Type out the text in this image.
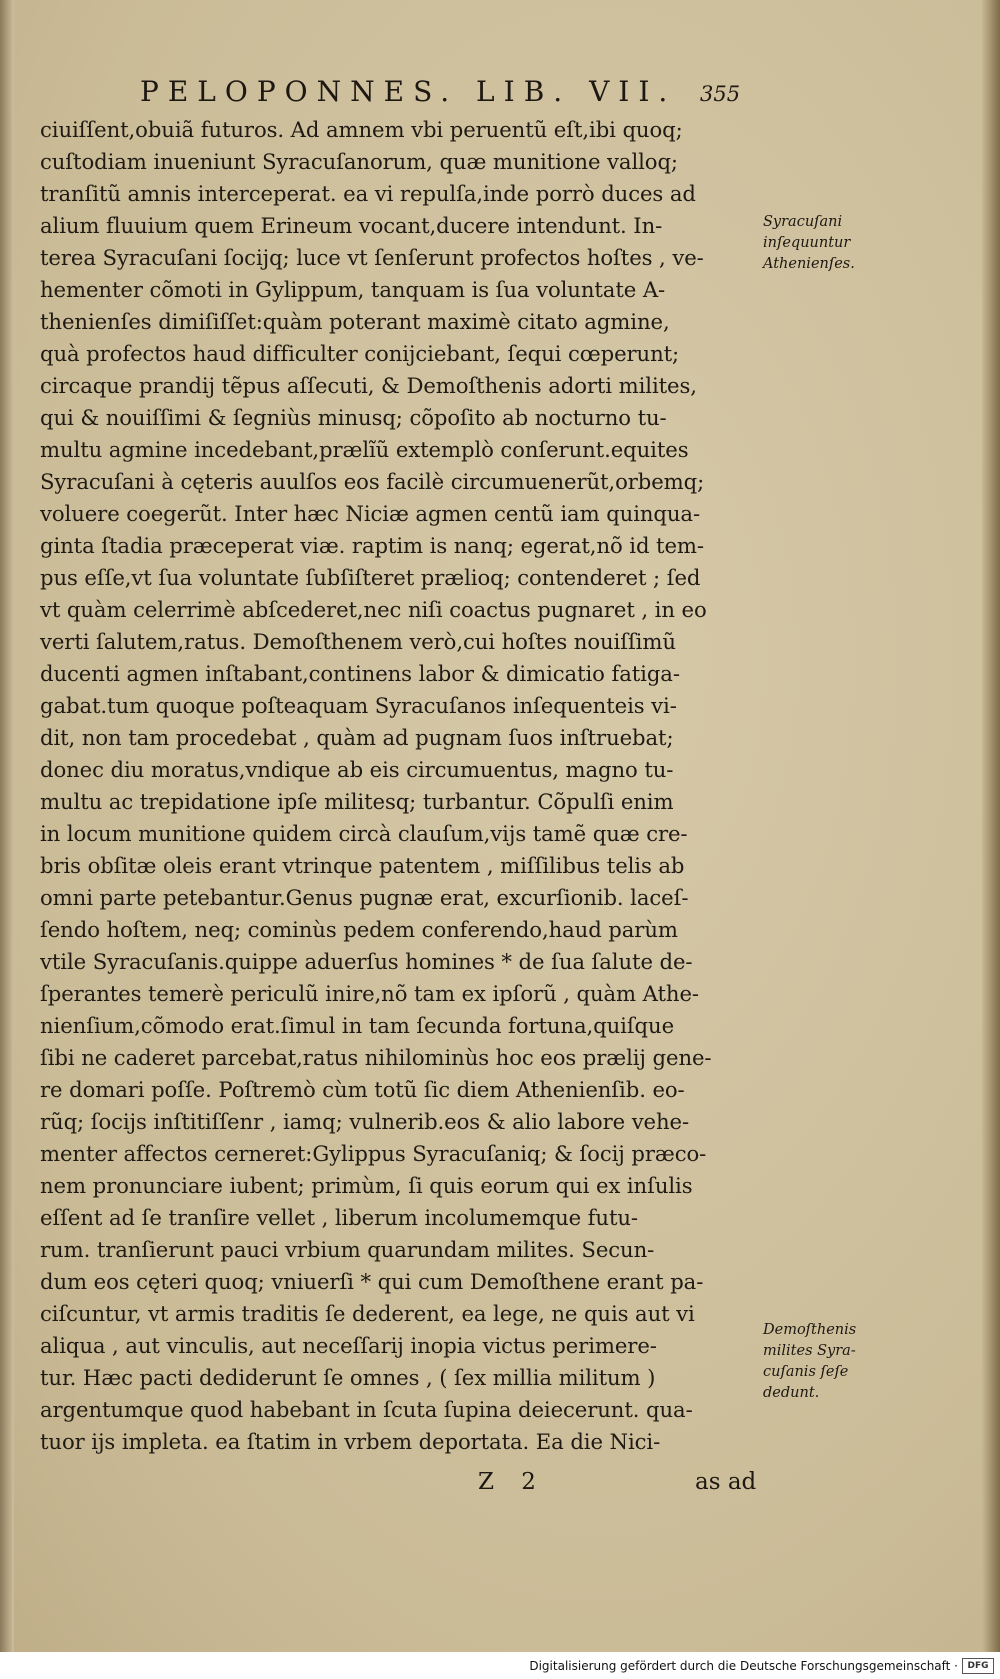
PELOPONNES. LIB. VII.	355
ciuiſſent,obuiã futuros. Ad amnem vbi peruentũ eſt,ibi quoq;
cuſtodiam inueniunt Syracuſanorum, quæ munitione valloq;
tranſitũ amnis interceperat. ea vi repulſa,inde porrò duces ad
alium fluuium quem Erineum vocant,ducere intendunt. In-
terea Syracuſani ſocijq; luce vt ſenſerunt profectos hoſtes , ve-
hementer cõmoti in Gylippum, tanquam is ſua voluntate A-
thenienſes dimiſiſſet:quàm poterant maximè citato agmine,
quà profectos haud difficulter conijciebant, ſequi cœperunt;
circaque prandij tẽpus aſſecuti, & Demoſthenis adorti milites,
qui & nouiſſimi & ſegniùs minusq; cõpoſito ab nocturno tu-
multu agmine incedebant,prælĩũ extemplò conſerunt.equites
Syracuſani à cęteris auulſos eos facilè circumuenerũt,orbemq;
voluere coegerũt. Inter hæc Niciæ agmen centũ iam quinqua-
ginta ſtadia præceperat viæ. raptim is nanq; egerat,nõ id tem-
pus eſſe,vt ſua voluntate ſubſiſteret prælioq; contenderet ; ſed
vt quàm celerrimè abſcederet,nec niſi coactus pugnaret , in eo
verti ſalutem,ratus. Demoſthenem verò,cui hoſtes nouiſſimũ
ducenti agmen inſtabant,continens labor & dimicatio fatiga-
gabat.tum quoque poſteaquam Syracuſanos inſequenteis vi-
dit, non tam procedebat , quàm ad pugnam ſuos inſtruebat;
donec diu moratus,vndique ab eis circumuentus, magno tu-
multu ac trepidatione ipſe militesq; turbantur. Cõpulſi enim
in locum munitione quidem circà clauſum,vijs tamẽ quæ cre-
bris obſitæ oleis erant vtrinque patentem , miſſilibus telis ab
omni parte petebantur.Genus pugnæ erat, excurſionib. laceſ-
ſendo hoſtem, neq; cominùs pedem conferendo,haud parùm
vtile Syracuſanis.quippe aduerſus homines * de ſua ſalute de-
ſperantes temerè periculũ inire,nõ tam ex ipſorũ , quàm Athe-
nienſium,cõmodo erat.ſimul in tam ſecunda fortuna,quiſque
ſibi ne caderet parcebat,ratus nihilominùs hoc eos prælij gene-
re domari poſſe. Poſtremò cùm totũ ſic diem Athenienſib. eo-
rũq; ſocijs inſtitiſſenr , iamq; vulnerib.eos & alio labore vehe-
menter affectos cerneret:Gylippus Syracuſaniq; & ſocij præco-
nem pronunciare iubent; primùm, ſi quis eorum qui ex inſulis
eſſent ad ſe tranſire vellet , liberum incolumemque futu-
rum. tranſierunt pauci vrbium quarundam milites. Secun-
dum eos cęteri quoq; vniuerſi * qui cum Demoſthene erant pa-
ciſcuntur, vt armis traditis ſe dederent, ea lege, ne quis aut vi
aliqua , aut vinculis, aut neceſſarij inopia victus perimere-
tur. Hæc pacti dediderunt ſe omnes , ( ſex millia militum )
argentumque quod habebant in ſcuta ſupina deiecerunt. qua-
tuor ijs impleta. ea ſtatim in vrbem deportata. Ea die Nici-
Syracuſani
inſequuntur
Athenienſes.
Demoſthenis
milites Syra-
cuſanis ſeſe
dedunt.
Z 2	as ad
Digitalisierung gefördert durch die Deutsche Forschungsgemeinschaft ·	DFG
